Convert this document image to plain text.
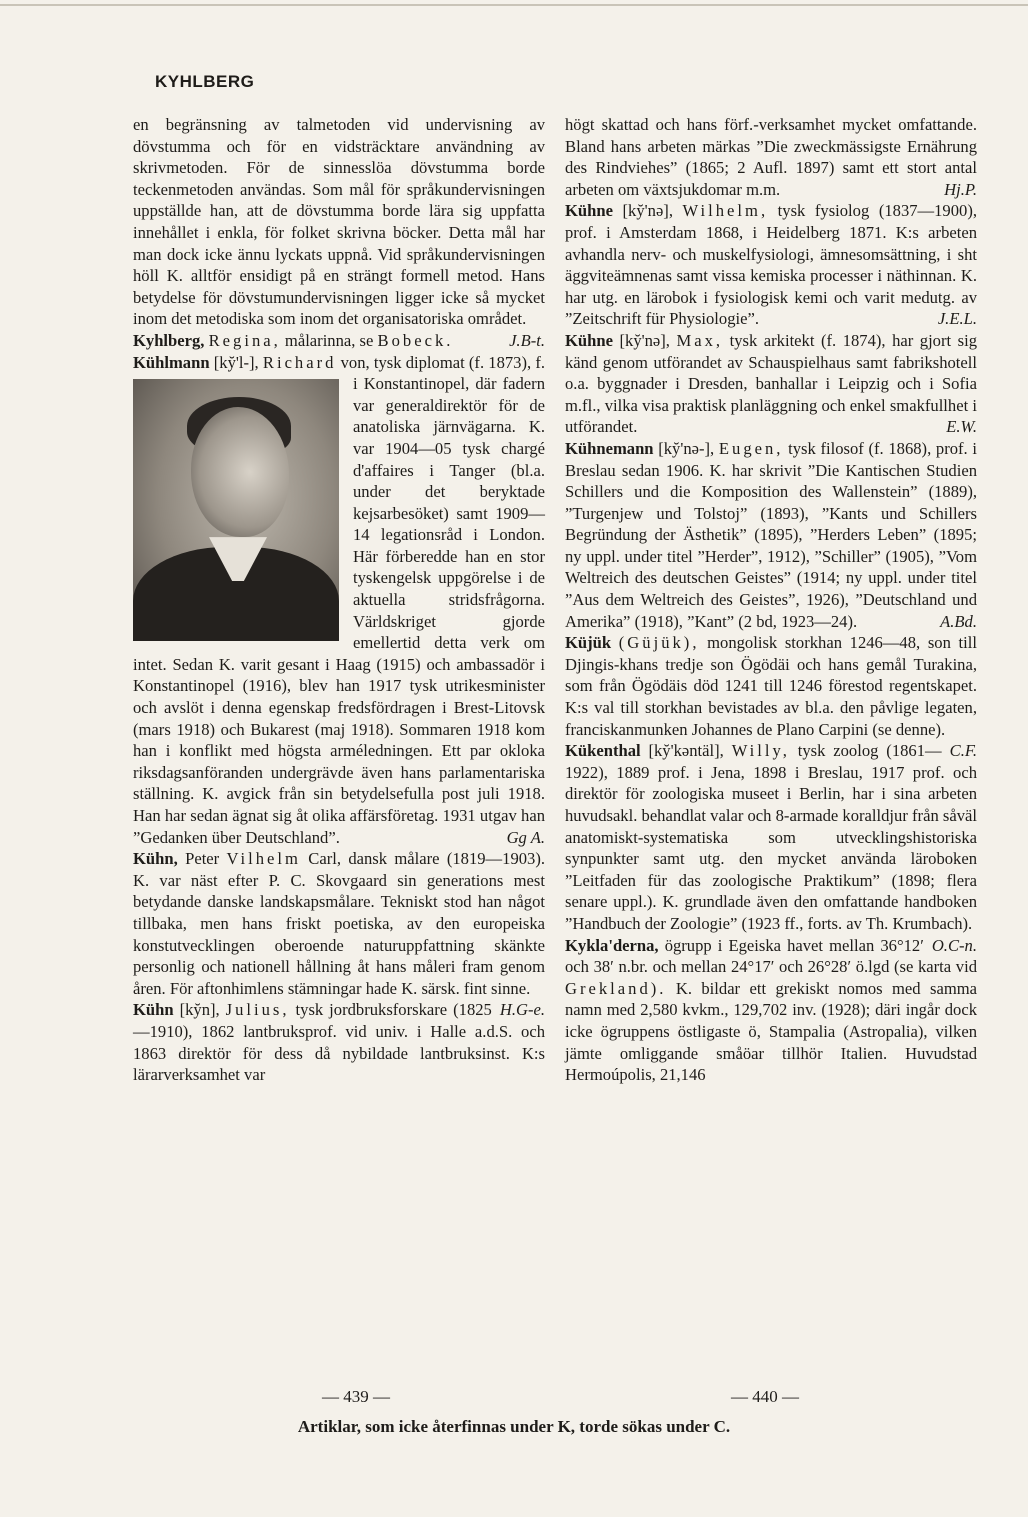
KYHLBERG

en begränsning av talmetoden vid undervisning av dövstumma och för en vidsträcktare användning av skrivmetoden. För de sinnesslöa dövstumma borde teckenmetoden användas. Som mål för språkundervisningen uppställde han, att de dövstumma borde lära sig uppfatta innehållet i enkla, för folket skrivna böcker. Detta mål har man dock icke ännu lyckats uppnå. Vid språkundervisningen höll K. alltför ensidigt på en strängt formell metod. Hans betydelse för dövstumundervisningen ligger icke så mycket inom det metodiska som inom det organisatoriska området.
J.B-t.

Kyhlberg, Regina, målarinna, se Bobeck.

Kühlmann [ky̆'l-], Richard von, tysk diplomat (f. 1873), f. i Konstantinopel, där fadern var generaldirektör för de anatoliska järnvägarna. K. var 1904—05 tysk chargé d'affaires i Tanger (bl.a. under det beryktade kejsarbesöket) samt 1909—14 legationsråd i London. Här förberedde han en stor tyskengelsk uppgörelse i de aktuella stridsfrågorna. Världskriget gjorde emellertid detta verk om intet. Sedan K. varit gesant i Haag (1915) och ambassadör i Konstantinopel (1916), blev han 1917 tysk utrikesminister och avslöt i denna egenskap fredsfördragen i Brest-Litovsk (mars 1918) och Bukarest (maj 1918). Sommaren 1918 kom han i konflikt med högsta arméledningen. Ett par okloka riksdagsanföranden undergrävde även hans parlamentariska ställning. K. avgick från sin betydelsefulla post juli 1918. Han har sedan ägnat sig åt olika affärsföretag. 1931 utgav han ”Gedanken über Deutschland”.	Gg A.

Kühn, Peter Vilhelm Carl, dansk målare (1819—1903). K. var näst efter P. C. Skovgaard sin generations mest betydande danske landskapsmålare. Tekniskt stod han något tillbaka, men hans friskt poetiska, av den europeiska konstutvecklingen oberoende naturuppfattning skänkte personlig och nationell hållning åt hans måleri fram genom åren. För aftonhimlens stämningar hade K. särsk. fint sinne.
H.G-e.

Kühn [ky̆n], Julius, tysk jordbruksforskare (1825—1910), 1862 lantbruksprof. vid univ. i Halle a.d.S. och 1863 direktör för dess då nybildade lantbruksinst. K:s lärarverksamhet var

högt skattad och hans förf.-verksamhet mycket omfattande. Bland hans arbeten märkas ”Die zweckmässigste Ernährung des Rindviehes” (1865; 2 Aufl. 1897) samt ett stort antal arbeten om växtsjukdomar m.m.	Hj.P.

Kühne [ky̆'nə], Wilhelm, tysk fysiolog (1837—1900), prof. i Amsterdam 1868, i Heidelberg 1871. K:s arbeten avhandla nerv- och muskelfysiologi, ämnesomsättning, i sht äggviteämnenas samt vissa kemiska processer i näthinnan. K. har utg. en lärobok i fysiologisk kemi och varit medutg. av ”Zeitschrift für Physiologie”.	J.E.L.

Kühne [ky̆'nə], Max, tysk arkitekt (f. 1874), har gjort sig känd genom utförandet av Schauspielhaus samt fabrikshotell o.a. byggnader i Dresden, banhallar i Leipzig och i Sofia m.fl., vilka visa praktisk planläggning och enkel smakfullhet i utförandet.	E.W.

Kühnemann [ky̆'nə-], Eugen, tysk filosof (f. 1868), prof. i Breslau sedan 1906. K. har skrivit ”Die Kantischen Studien Schillers und die Komposition des Wallenstein” (1889), ”Turgenjew und Tolstoj” (1893), ”Kants und Schillers Begründung der Ästhetik” (1895), ”Herders Leben” (1895; ny uppl. under titel ”Herder”, 1912), ”Schiller” (1905), ”Vom Weltreich des deutschen Geistes” (1914; ny uppl. under titel ”Aus dem Weltreich des Geistes”, 1926), ”Deutschland und Amerika” (1918), ”Kant” (2 bd, 1923—24).	A.Bd.

Küjük (Güjük), mongolisk storkhan 1246—48, son till Djingis-khans tredje son Ögödäi och hans gemål Turakina, som från Ögödäis död 1241 till 1246 förestod regentskapet. K:s val till storkhan bevistades av bl.a. den påvlige legaten, franciskanmunken Johannes de Plano Carpini (se denne).
C.F.

Kükenthal [ky̆'kəntäl], Willy, tysk zoolog (1861—1922), 1889 prof. i Jena, 1898 i Breslau, 1917 prof. och direktör för zoologiska museet i Berlin, har i sina arbeten huvudsakl. behandlat valar och 8-armade koralldjur från såväl anatomiskt-systematiska som utvecklingshistoriska synpunkter samt utg. den mycket använda läroboken ”Leitfaden für das zoologische Praktikum” (1898; flera senare uppl.). K. grundlade även den omfattande handboken ”Handbuch der Zoologie” (1923 ff., forts. av Th. Krumbach).
O.C-n.

Kykla'derna, ögrupp i Egeiska havet mellan 36°12′ och 38′ n.br. och mellan 24°17′ och 26°28′ ö.lgd (se karta vid Grekland). K. bildar ett grekiskt nomos med samma namn med 2,580 kvkm., 129,702 inv. (1928); däri ingår dock icke ögruppens östligaste ö, Stampalia (Astropalia), vilken jämte omliggande småöar tillhör Italien. Huvudstad Hermoúpolis, 21,146

— 439 —	— 440 —
Artiklar, som icke återfinnas under K, torde sökas under C.
